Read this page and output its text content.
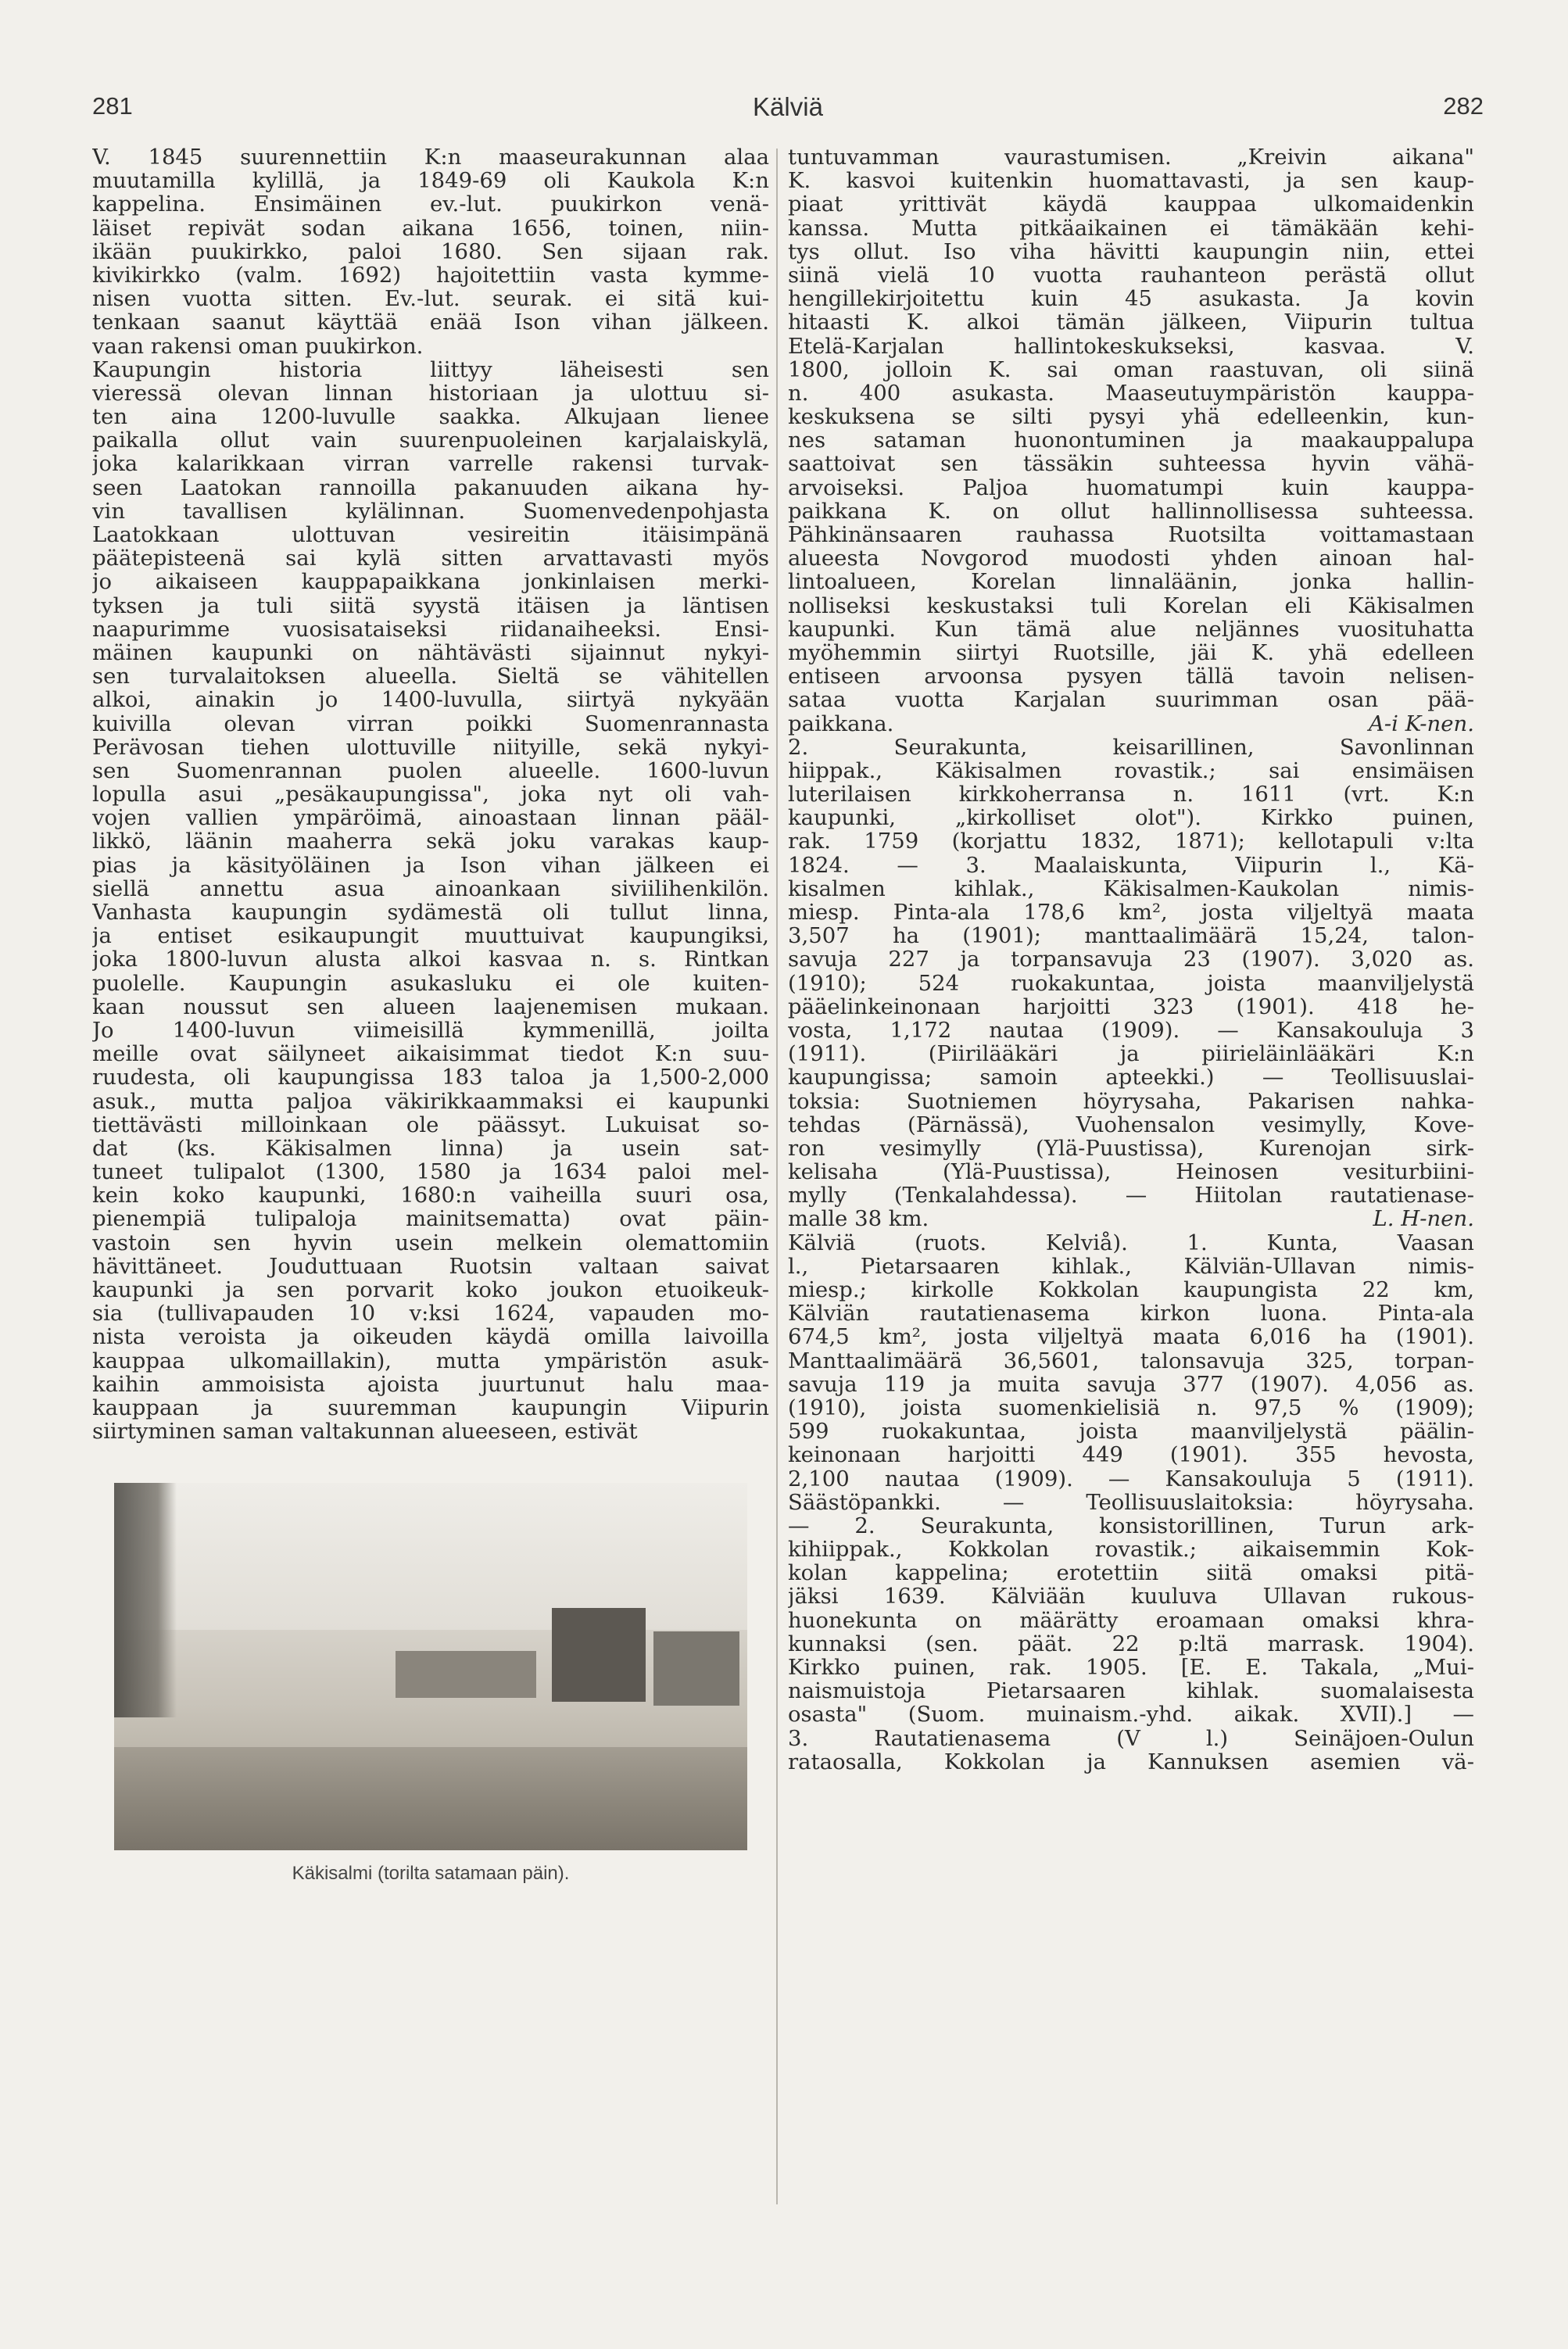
281	Kälviä	282
V. 1845 suurennettiin K:n maaseurakunnan alaa
muutamilla kylillä, ja 1849-69 oli Kaukola K:n
kappelina. Ensimäinen ev.-lut. puukirkon venä-
läiset repivät sodan aikana 1656, toinen, niin-
ikään puukirkko, paloi 1680. Sen sijaan rak.
kivikirkko (valm. 1692) hajoitettiin vasta kymme-
nisen vuotta sitten. Ev.-lut. seurak. ei sitä kui-
tenkaan saanut käyttää enää Ison vihan jälkeen.
vaan rakensi oman puukirkon.
Kaupungin historia liittyy läheisesti sen
vieressä olevan linnan historiaan ja ulottuu si-
ten aina 1200-luvulle saakka. Alkujaan lienee
paikalla ollut vain suurenpuoleinen karjalaiskylä,
joka kalarikkaan virran varrelle rakensi turvak-
seen Laatokan rannoilla pakanuuden aikana hy-
vin tavallisen kylälinnan. Suomenvedenpohjasta
Laatokkaan ulottuvan vesireitin itäisimpänä
päätepisteenä sai kylä sitten arvattavasti myös
jo aikaiseen kauppapaikkana jonkinlaisen merki-
tyksen ja tuli siitä syystä itäisen ja läntisen
naapurimme vuosisataiseksi riidanaiheeksi. Ensi-
mäinen kaupunki on nähtävästi sijainnut nykyi-
sen turvalaitoksen alueella. Sieltä se vähitellen
alkoi, ainakin jo 1400-luvulla, siirtyä nykyään
kuivilla olevan virran poikki Suomenrannasta
Perävosan tiehen ulottuville niityille, sekä nykyi-
sen Suomenrannan puolen alueelle. 1600-luvun
lopulla asui „pesäkaupungissa", joka nyt oli vah-
vojen vallien ympäröimä, ainoastaan linnan pääl-
likkö, läänin maaherra sekä joku varakas kaup-
pias ja käsityöläinen ja Ison vihan jälkeen ei
siellä annettu asua ainoankaan siviilihenkilön.
Vanhasta kaupungin sydämestä oli tullut linna,
ja entiset esikaupungit muuttuivat kaupungiksi,
joka 1800-luvun alusta alkoi kasvaa n. s. Rintkan
puolelle. Kaupungin asukasluku ei ole kuiten-
kaan noussut sen alueen laajenemisen mukaan.
Jo 1400-luvun viimeisillä kymmenillä, joilta
meille ovat säilyneet aikaisimmat tiedot K:n suu-
ruudesta, oli kaupungissa 183 taloa ja 1,500-2,000
asuk., mutta paljoa väkirikkaammaksi ei kaupunki
tiettävästi milloinkaan ole päässyt. Lukuisat so-
dat (ks. Käkisalmen linna) ja usein sat-
tuneet tulipalot (1300, 1580 ja 1634 paloi mel-
kein koko kaupunki, 1680:n vaiheilla suuri osa,
pienempiä tulipaloja mainitsematta) ovat päin-
vastoin sen hyvin usein melkein olemattomiin
hävittäneet. Jouduttuaan Ruotsin valtaan saivat
kaupunki ja sen porvarit koko joukon etuoikeuk-
sia (tullivapauden 10 v:ksi 1624, vapauden mo-
nista veroista ja oikeuden käydä omilla laivoilla
kauppaa ulkomaillakin), mutta ympäristön asuk-
kaihin ammoisista ajoista juurtunut halu maa-
kauppaan ja suuremman kaupungin Viipurin
siirtyminen saman valtakunnan alueeseen, estivät
tuntuvamman vaurastumisen. „Kreivin aikana"
K. kasvoi kuitenkin huomattavasti, ja sen kaup-
piaat yrittivät käydä kauppaa ulkomaidenkin
kanssa. Mutta pitkäaikainen ei tämäkään kehi-
tys ollut. Iso viha hävitti kaupungin niin, ettei
siinä vielä 10 vuotta rauhanteon perästä ollut
hengillekirjoitettu kuin 45 asukasta. Ja kovin
hitaasti K. alkoi tämän jälkeen, Viipurin tultua
Etelä-Karjalan hallintokeskukseksi, kasvaa. V.
1800, jolloin K. sai oman raastuvan, oli siinä
n. 400 asukasta. Maaseutuympäristön kauppa-
keskuksena se silti pysyi yhä edelleenkin, kun-
nes sataman huonontuminen ja maakauppalupa
saattoivat sen tässäkin suhteessa hyvin vähä-
arvoiseksi. Paljoa huomatumpi kuin kauppa-
paikkana K. on ollut hallinnollisessa suhteessa.
Pähkinänsaaren rauhassa Ruotsilta voittamastaan
alueesta Novgorod muodosti yhden ainoan hal-
lintoalueen, Korelan linnaläänin, jonka hallin-
nolliseksi keskustaksi tuli Korelan eli Käkisalmen
kaupunki. Kun tämä alue neljännes vuosituhatta
myöhemmin siirtyi Ruotsille, jäi K. yhä edelleen
entiseen arvoonsa pysyen tällä tavoin nelisen-
sataa vuotta Karjalan suurimman osan pää-
paikkana.	A-i K-nen.
2. Seurakunta, keisarillinen, Savonlinnan
hiippak., Käkisalmen rovastik.; sai ensimäisen
luterilaisen kirkkoherransa n. 1611 (vrt. K:n
kaupunki, „kirkolliset olot"). Kirkko puinen,
rak. 1759 (korjattu 1832, 1871); kellotapuli v:lta
1824. — 3. Maalaiskunta, Viipurin l., Kä-
kisalmen kihlak., Käkisalmen-Kaukolan nimis-
miesp. Pinta-ala 178,6 km², josta viljeltyä maata
3,507 ha (1901); manttaalimäärä 15,24, talon-
savuja 227 ja torpansavuja 23 (1907). 3,020 as.
(1910); 524 ruokakuntaa, joista maanviljelystä
pääelinkeinonaan harjoitti 323 (1901). 418 he-
vosta, 1,172 nautaa (1909). — Kansakouluja 3
(1911). (Piirilääkäri ja piirieläinlääkäri K:n
kaupungissa; samoin apteekki.) — Teollisuuslai-
toksia: Suotniemen höyrysaha, Pakarisen nahka-
tehdas (Pärnässä), Vuohensalon vesimylly, Kove-
ron vesimylly (Ylä-Puustissa), Kurenojan sirk-
kelisaha (Ylä-Puustissa), Heinosen vesiturbiini-
mylly (Tenkalahdessa). — Hiitolan rautatienase-
malle 38 km.	L. H-nen.
Kälviä (ruots. Kelviå). 1. Kunta, Vaasan
l., Pietarsaaren kihlak., Kälviän-Ullavan nimis-
miesp.; kirkolle Kokkolan kaupungista 22 km,
Kälviän rautatienasema kirkon luona. Pinta-ala
674,5 km², josta viljeltyä maata 6,016 ha (1901).
Manttaalimäärä 36,5601, talonsavuja 325, torpan-
savuja 119 ja muita savuja 377 (1907). 4,056 as.
(1910), joista suomenkielisiä n. 97,5 % (1909);
599 ruokakuntaa, joista maanviljelystä päälin-
keinonaan harjoitti 449 (1901). 355 hevosta,
2,100 nautaa (1909). — Kansakouluja 5 (1911).
Säästöpankki. — Teollisuuslaitoksia: höyrysaha.
— 2. Seurakunta, konsistorillinen, Turun ark-
kihiippak., Kokkolan rovastik.; aikaisemmin Kok-
kolan kappelina; erotettiin siitä omaksi pitä-
jäksi 1639. Kälviään kuuluva Ullavan rukous-
huonekunta on määrätty eroamaan omaksi khra-
kunnaksi (sen. päät. 22 p:ltä marrask. 1904).
Kirkko puinen, rak. 1905. [E. E. Takala, „Mui-
naismuistoja Pietarsaaren kihlak. suomalaisesta
osasta" (Suom. muinaism.-yhd. aikak. XVII).] —
3. Rautatienasema (V l.) Seinäjoen-Oulun
rataosalla, Kokkolan ja Kannuksen asemien vä-
Käkisalmi (torilta satamaan päin).
